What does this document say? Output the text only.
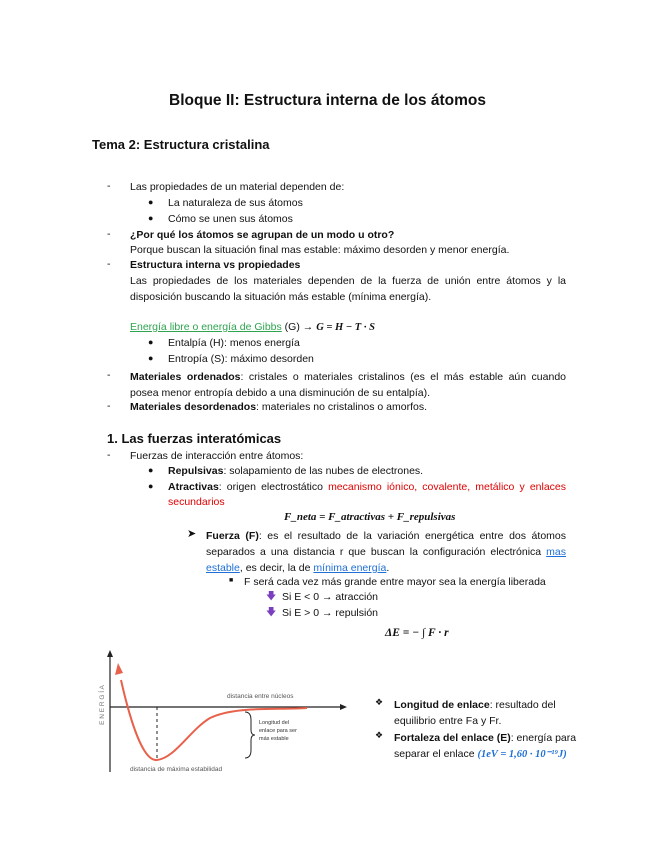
Bloque II: Estructura interna de los átomos
Tema 2: Estructura cristalina
- Las propiedades de un material dependen de:
● La naturaleza de sus átomos
● Cómo se unen sus átomos
- ¿Por qué los átomos se agrupan de un modo u otro?
Porque buscan la situación final mas estable: máximo desorden y menor energía.
- Estructura interna vs propiedades
Las propiedades de los materiales dependen de la fuerza de unión entre átomos y la disposición buscando la situación más estable (mínima energía).
Energía libre o energía de Gibbs (G) → G = H − T · S
● Entalpía (H): menos energía
● Entropía (S): máximo desorden
- Materiales ordenados: cristales o materiales cristalinos (es el más estable aún cuando posea menor entropía debido a una disminución de su entalpía).
- Materiales desordenados: materiales no cristalinos o amorfos.
1. Las fuerzas interatómicas
- Fuerzas de interacción entre átomos:
● Repulsivas: solapamiento de las nubes de electrones.
● Atractivas: origen electrostático mecanismo iónico, covalente, metálico y enlaces secundarios
F_neta = F_atractivas + F_repulsivas
➤ Fuerza (F): es el resultado de la variación energética entre dos átomos separados a una distancia r que buscan la configuración electrónica mas estable, es decir, la de mínima energía.
■ F será cada vez más grande entre mayor sea la energía liberada
🡇 Si E < 0 → atracción
🡇 Si E > 0 → repulsión
ΔE = − ∫ F · r
E N E R G Í A	distancia entre núcleos
distancia de máxima estabilidad
Longitud del
enlace para ser
más estable
❖ Longitud de enlace: resultado del equilibrio entre Fa y Fr.
❖ Fortaleza del enlace (E): energía para separar el enlace (1eV = 1,60 · 10⁻¹⁹J)
